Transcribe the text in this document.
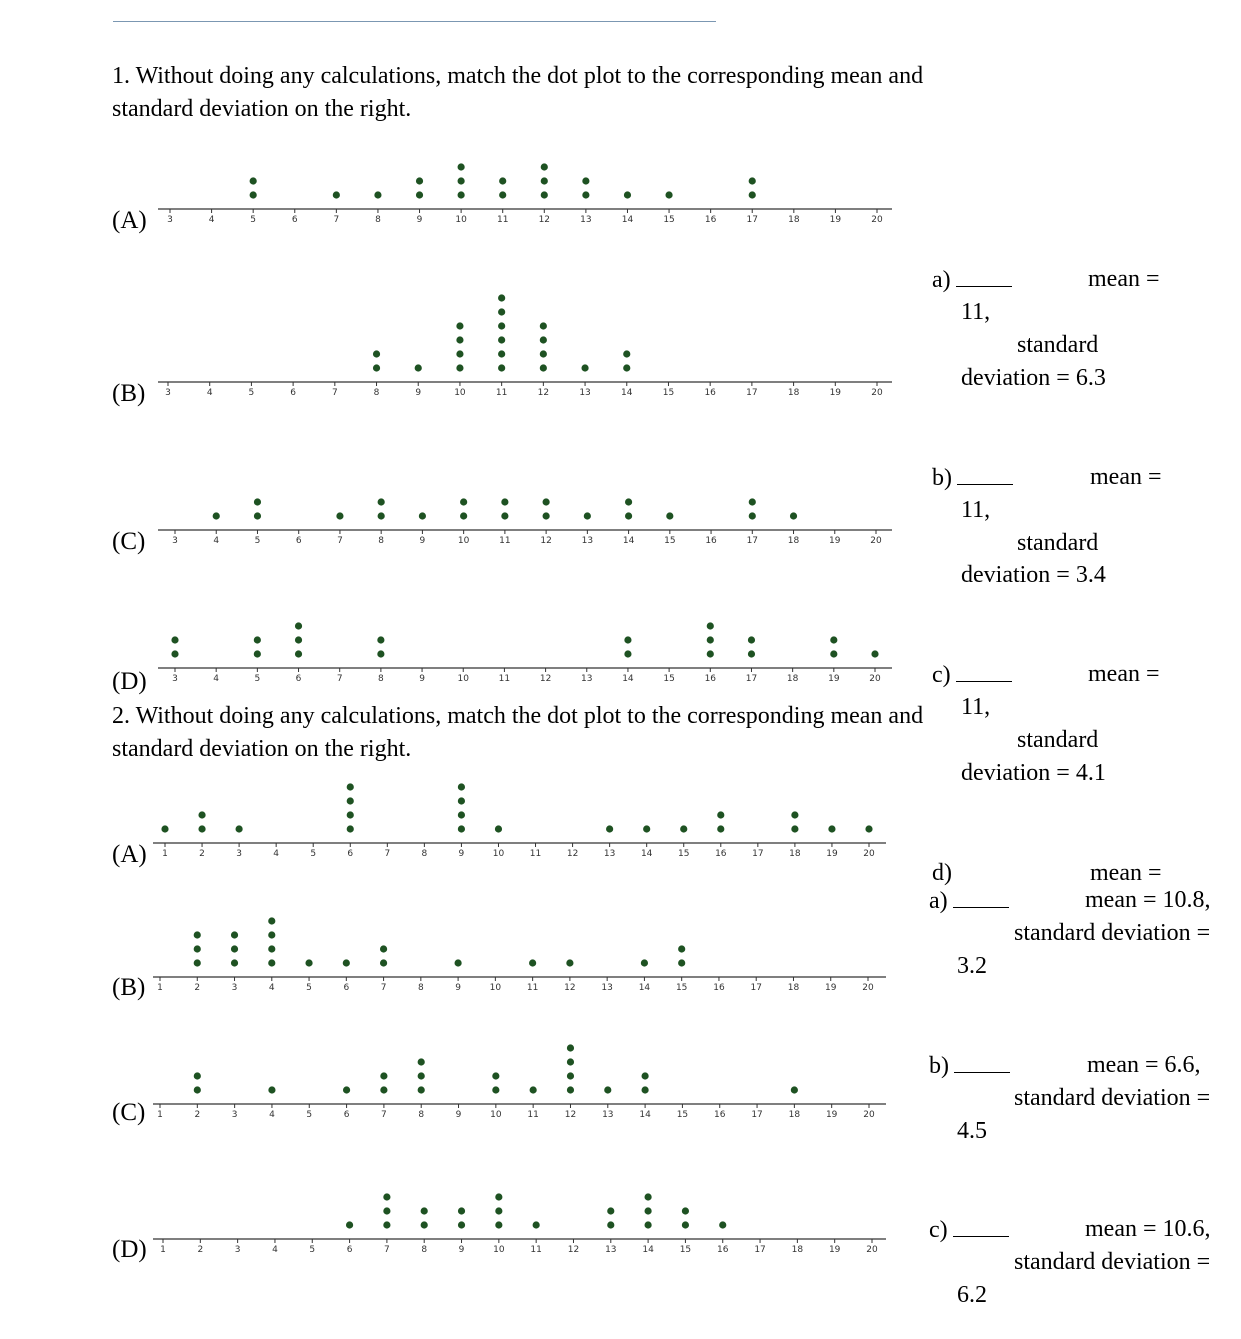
1. Without doing any calculations, match the dot plot to the corresponding mean and
standard deviation on the right.
2. Without doing any calculations, match the dot plot to the corresponding mean and
standard deviation on the right.
(A)
(B)
(C)
(D)
(A)
(B)
(C)
(D)
3	4	5	6	7	8	9	10	11	12	13	14	15	16	17	18	19	20
3	4	5	6	7	8	9	10	11	12	13	14	15	16	17	18	19	20
3	4	5	6	7	8	9	10	11	12	13	14	15	16	17	18	19	20
3	4	5	6	7	8	9	10	11	12	13	14	15	16	17	18	19	20
1	2	3	4	5	6	7	8	9	10	11	12	13	14	15	16	17	18	19	20
1	2	3	4	5	6	7	8	9	10	11	12	13	14	15	16	17	18	19	20
1	2	3	4	5	6	7	8	9	10	11	12	13	14	15	16	17	18	19	20
1	2	3	4	5	6	7	8	9	10	11	12	13	14	15	16	17	18	19	20
a)	mean =
11,
standard
deviation = 6.3
b)	mean =
11,
standard
deviation = 3.4
c)	mean =
11,
standard
deviation = 4.1
d)	mean =
a)	mean = 10.8,
standard deviation =
3.2
b)	mean = 6.6,
standard deviation =
4.5
c)	mean = 10.6,
standard deviation =
6.2
